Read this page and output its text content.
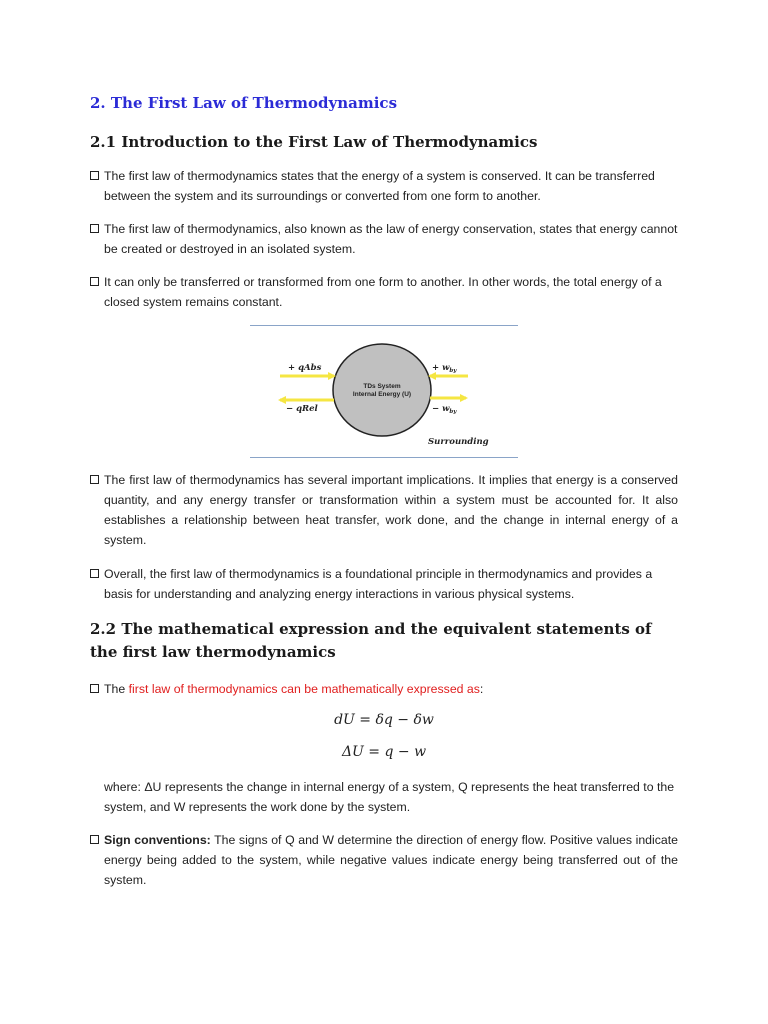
2. The First Law of Thermodynamics
2.1 Introduction to the First Law of Thermodynamics
The first law of thermodynamics states that the energy of a system is conserved. It can be transferred between the system and its surroundings or converted from one form to another.
The first law of thermodynamics, also known as the law of energy conservation, states that energy cannot be created or destroyed in an isolated system.
It can only be transferred or transformed from one form to another. In other words, the total energy of a closed system remains constant.
TDs System
Internal Energy (U)
+ qAbs
− qRel
+ $w_{by}$
− $w_{by}$
Surrounding
The first law of thermodynamics has several important implications. It implies that energy is a conserved quantity, and any energy transfer or transformation within a system must be accounted for. It also establishes a relationship between heat transfer, work done, and the change in internal energy of a system.
Overall, the first law of thermodynamics is a foundational principle in thermodynamics and provides a basis for understanding and analyzing energy interactions in various physical systems.
2.2 The mathematical expression and the equivalent statements of the first law thermodynamics
The first law of thermodynamics can be mathematically expressed as:
dU = δq − δw
ΔU = q − w
where: ΔU represents the change in internal energy of a system, Q represents the heat transferred to the system, and W represents the work done by the system.
Sign conventions: The signs of Q and W determine the direction of energy flow. Positive values indicate energy being added to the system, while negative values indicate energy being transferred out of the system.
